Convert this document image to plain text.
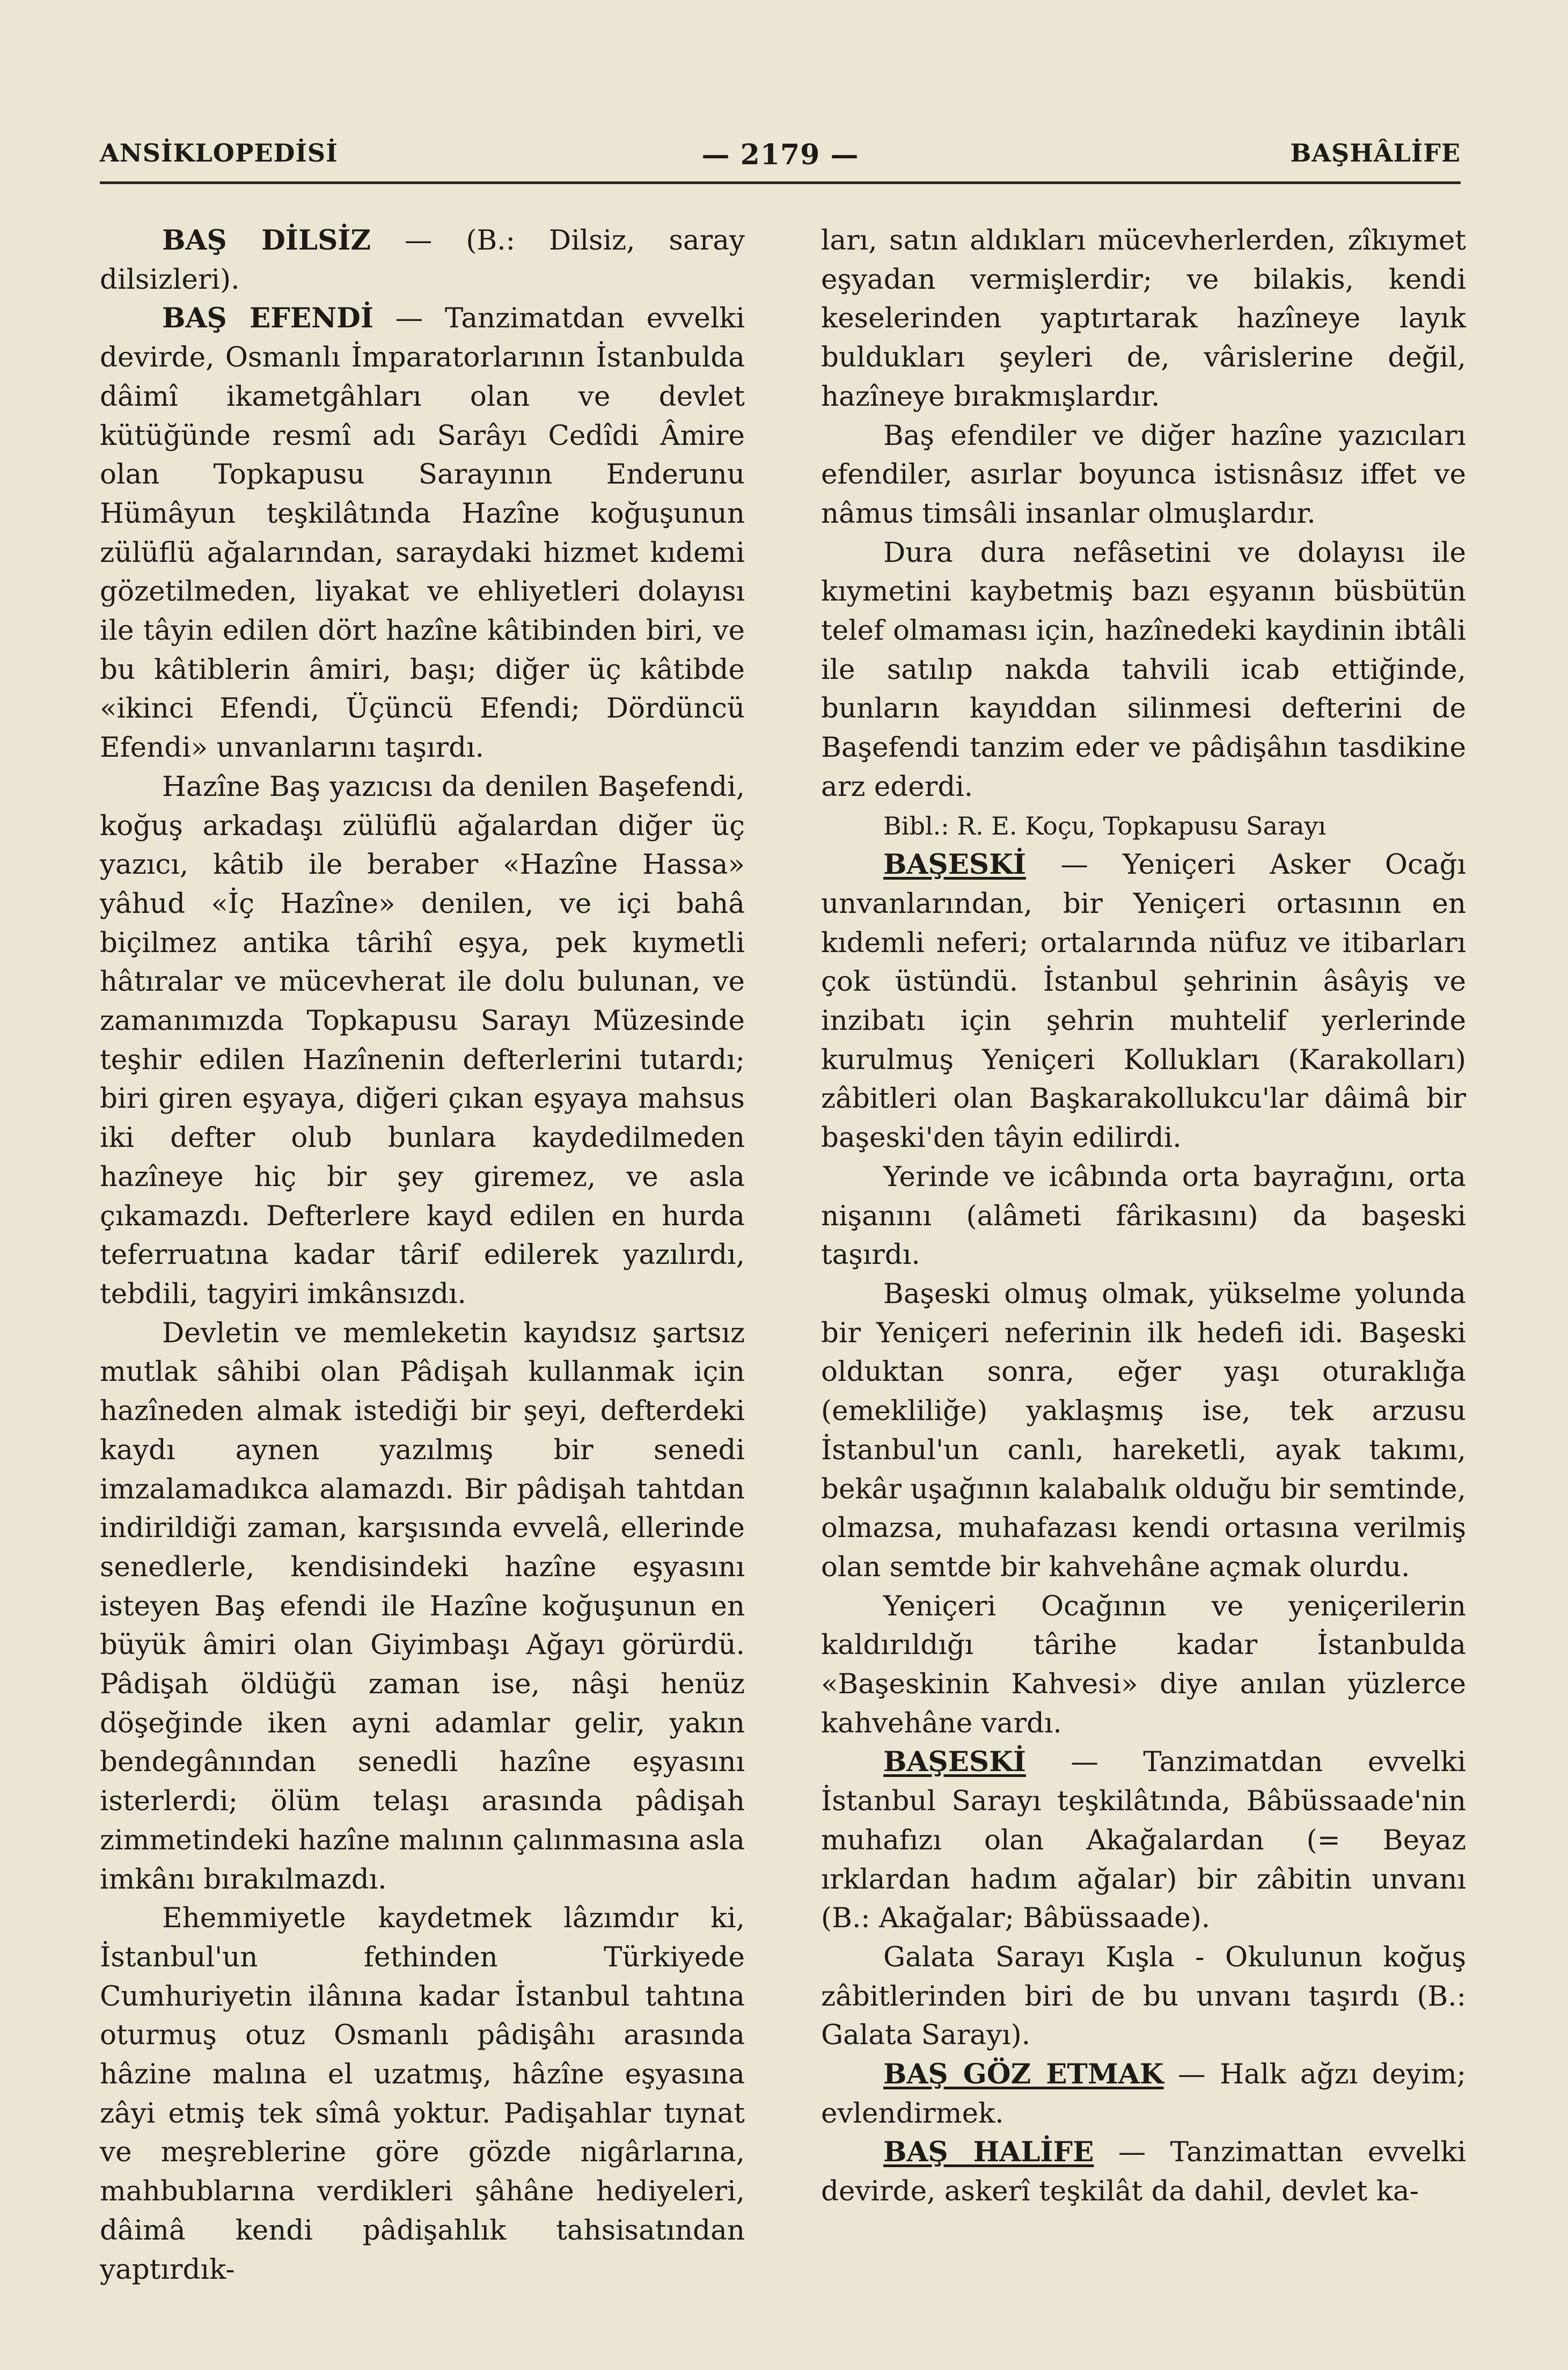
ANSİKLOPEDİSİ	— 2179 —	BAŞHÂLİFE

BAŞ DİLSİZ — (B.: Dilsiz, saray dilsizleri).

BAŞ EFENDİ — Tanzimatdan evvelki devirde, Osmanlı İmparatorlarının İstanbulda dâimî ikametgâhları olan ve devlet kütüğünde resmî adı Sarâyı Cedîdi Âmire olan Topkapusu Sarayının Enderunu Hümâyun teşkilâtında Hazîne koğuşunun zülüflü ağalarından, saraydaki hizmet kıdemi gözetilmeden, liyakat ve ehliyetleri dolayısı ile tâyin edilen dört hazîne kâtibinden biri, ve bu kâtiblerin âmiri, başı; diğer üç kâtibde «ikinci Efendi, Üçüncü Efendi; Dördüncü Efendi» unvanlarını taşırdı.

Hazîne Baş yazıcısı da denilen Başefendi, koğuş arkadaşı zülüflü ağalardan diğer üç yazıcı, kâtib ile beraber «Hazîne Hassa» yâhud «İç Hazîne» denilen, ve içi bahâ biçilmez antika târihî eşya, pek kıymetli hâtıralar ve mücevherat ile dolu bulunan, ve zamanımızda Topkapusu Sarayı Müzesinde teşhir edilen Hazînenin defterlerini tutardı; biri giren eşyaya, diğeri çıkan eşyaya mahsus iki defter olub bunlara kaydedilmeden hazîneye hiç bir şey giremez, ve asla çıkamazdı. Defterlere kayd edilen en hurda teferruatına kadar târif edilerek yazılırdı, tebdili, tagyiri imkânsızdı.

Devletin ve memleketin kayıdsız şartsız mutlak sâhibi olan Pâdişah kullanmak için hazîneden almak istediği bir şeyi, defterdeki kaydı aynen yazılmış bir senedi imzalamadıkca alamazdı. Bir pâdişah tahtdan indirildiği zaman, karşısında evvelâ, ellerinde senedlerle, kendisindeki hazîne eşyasını isteyen Baş efendi ile Hazîne koğuşunun en büyük âmiri olan Giyimbaşı Ağayı görürdü. Pâdişah öldüğü zaman ise, nâşi henüz döşeğinde iken ayni adamlar gelir, yakın bendegânından senedli hazîne eşyasını isterlerdi; ölüm telaşı arasında pâdişah zimmetindeki hazîne malının çalınmasına asla imkânı bırakılmazdı.

Ehemmiyetle kaydetmek lâzımdır ki, İstanbul'un fethinden Türkiyede Cumhuriyetin ilânına kadar İstanbul tahtına oturmuş otuz Osmanlı pâdişâhı arasında hâzine malına el uzatmış, hâzîne eşyasına zâyi etmiş tek sîmâ yoktur. Padişahlar tıynat ve meşreblerine göre gözde nigârlarına, mahbublarına verdikleri şâhâne hediyeleri, dâimâ kendi pâdişahlık tahsisatından yaptırdık-

ları, satın aldıkları mücevherlerden, zîkıymet eşyadan vermişlerdir; ve bilakis, kendi keselerinden yaptırtarak hazîneye layık buldukları şeyleri de, vârislerine değil, hazîneye bırakmışlardır.

Baş efendiler ve diğer hazîne yazıcıları efendiler, asırlar boyunca istisnâsız iffet ve nâmus timsâli insanlar olmuşlardır.

Dura dura nefâsetini ve dolayısı ile kıymetini kaybetmiş bazı eşyanın büsbütün telef olmaması için, hazînedeki kaydinin ibtâli ile satılıp nakda tahvili icab ettiğinde, bunların kayıddan silinmesi defterini de Başefendi tanzim eder ve pâdişâhın tasdikine arz ederdi.

Bibl.: R. E. Koçu, Topkapusu Sarayı

BAŞESKİ — Yeniçeri Asker Ocağı unvanlarından, bir Yeniçeri ortasının en kıdemli neferi; ortalarında nüfuz ve itibarları çok üstündü. İstanbul şehrinin âsâyiş ve inzibatı için şehrin muhtelif yerlerinde kurulmuş Yeniçeri Kollukları (Karakolları) zâbitleri olan Başkarakollukcu'lar dâimâ bir başeski'den tâyin edilirdi.

Yerinde ve icâbında orta bayrağını, orta nişanını (alâmeti fârikasını) da başeski taşırdı.

Başeski olmuş olmak, yükselme yolunda bir Yeniçeri neferinin ilk hedefi idi. Başeski olduktan sonra, eğer yaşı oturaklığa (emekliliğe) yaklaşmış ise, tek arzusu İstanbul'un canlı, hareketli, ayak takımı, bekâr uşağının kalabalık olduğu bir semtinde, olmazsa, muhafazası kendi ortasına verilmiş olan semtde bir kahvehâne açmak olurdu.

Yeniçeri Ocağının ve yeniçerilerin kaldırıldığı târihe kadar İstanbulda «Başeskinin Kahvesi» diye anılan yüzlerce kahvehâne vardı.

BAŞESKİ — Tanzimatdan evvelki İstanbul Sarayı teşkilâtında, Bâbüssaade'nin muhafızı olan Akağalardan (= Beyaz ırklardan hadım ağalar) bir zâbitin unvanı (B.: Akağalar; Bâbüssaade).

Galata Sarayı Kışla - Okulunun koğuş zâbitlerinden biri de bu unvanı taşırdı (B.: Galata Sarayı).

BAŞ GÖZ ETMAK — Halk ağzı deyim; evlendirmek.

BAŞ HALİFE — Tanzimattan evvelki devirde, askerî teşkilât da dahil, devlet ka-
